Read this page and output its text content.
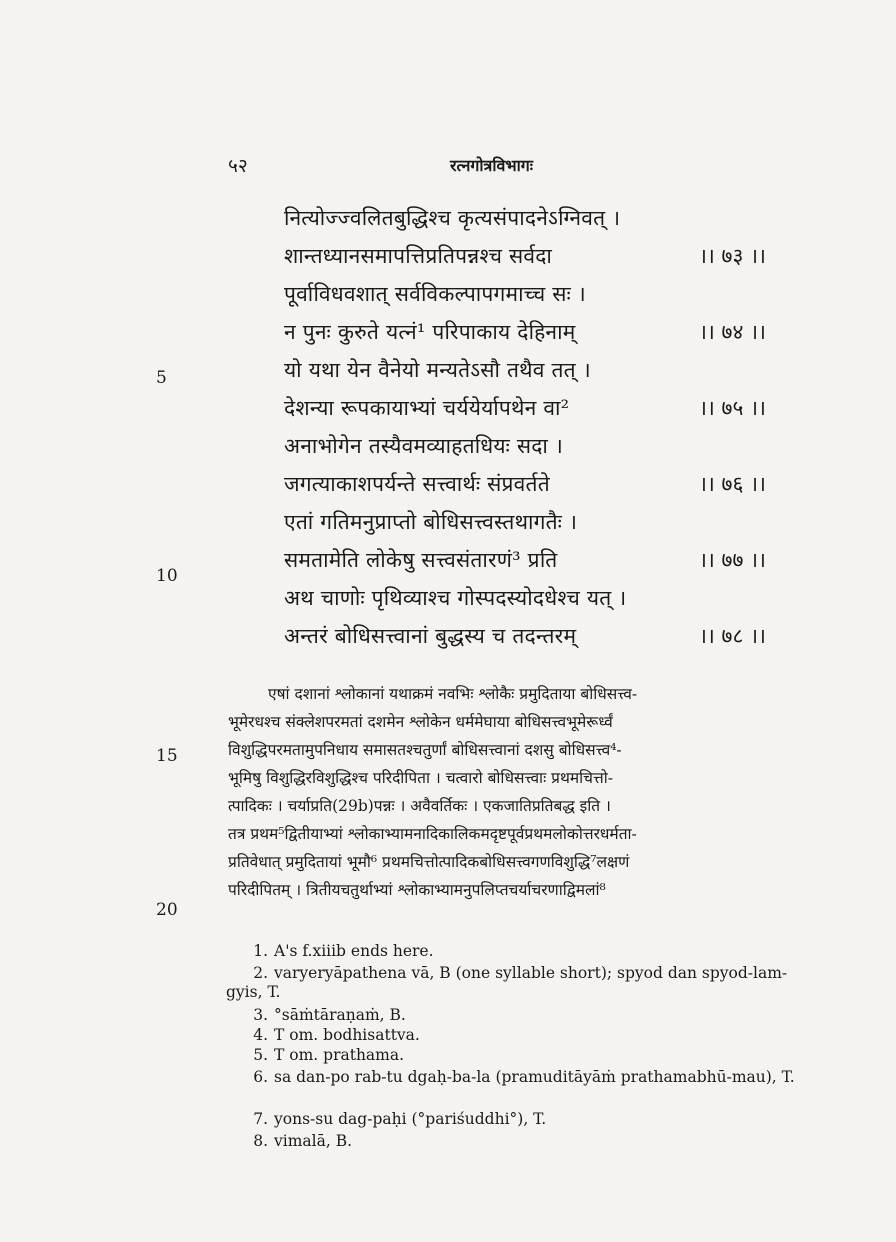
५२	रत्नगोत्रविभागः
नित्योज्ज्वलितबुद्धिश्च कृत्यसंपादनेऽग्निवत् ।
शान्तध्यानसमापत्तिप्रतिपन्नश्च सर्वदा	।। ७३ ।।
पूर्वाविधवशात् सर्वविकल्पापगमाच्च सः ।
न पुनः कुरुते यत्नं¹ परिपाकाय देहिनाम्	।। ७४ ।।
यो यथा येन वैनेयो मन्यतेऽसौ तथैव तत् ।
देशन्या रूपकायाभ्यां चर्ययेर्यापथेन वा²	।। ७५ ।।
अनाभोगेन तस्यैवमव्याहतधियः सदा ।
जगत्याकाशपर्यन्ते सत्त्वार्थः संप्रवर्तते	।। ७६ ।।
एतां गतिमनुप्राप्तो बोधिसत्त्वस्तथागतैः ।
समतामेति लोकेषु सत्त्वसंतारणं³ प्रति	।। ७७ ।।
अथ चाणोः पृथिव्याश्च गोस्पदस्योदधेश्च यत् ।
अन्तरं बोधिसत्त्वानां बुद्धस्य च तदन्तरम्	।। ७८ ।।
5
10
15
20
एषां दशानां श्लोकानां यथाक्रमं नवभिः श्लोकैः प्रमुदिताया बोधिसत्त्व-
भूमेरधश्च संक्लेशपरमतां दशमेन श्लोकेन धर्ममेघाया बोधिसत्त्वभूमेरूर्ध्वं
विशुद्धिपरमतामुपनिधाय समासतश्चतुर्णां बोधिसत्त्वानां दशसु बोधिसत्त्व⁴-
भूमिषु विशुद्धिरविशुद्धिश्च परिदीपिता । चत्वारो बोधिसत्त्वाः प्रथमचित्तो-
त्पादिकः । चर्याप्रति(29b)पन्नः । अवैवर्तिकः । एकजातिप्रतिबद्ध इति ।
तत्र प्रथम⁵द्वितीयाभ्यां श्लोकाभ्यामनादिकालिकमदृष्टपूर्वप्रथमलोकोत्तरधर्मता-
प्रतिवेधात् प्रमुदितायां भूमौ⁶ प्रथमचित्तोत्पादिकबोधिसत्त्वगणविशुद्धि⁷लक्षणं
परिदीपितम् । त्रितीयचतुर्थाभ्यां श्लोकाभ्यामनुपलिप्तचर्याचरणाद्विमलां⁸
1. A's f.xiiib ends here.
2. varyeryāpathena vā, B (one syllable short); spyod dan spyod-lam-gyis, T.
3. °sāṁtāraṇaṁ, B.
4. T om. bodhisattva.
5. T om. prathama.
6. sa dan-po rab-tu dgaḥ-ba-la (pramuditāyāṁ prathamabhū-mau), T.
7. yons-su dag-paḥi (°pariśuddhi°), T.
8. vimalā, B.
